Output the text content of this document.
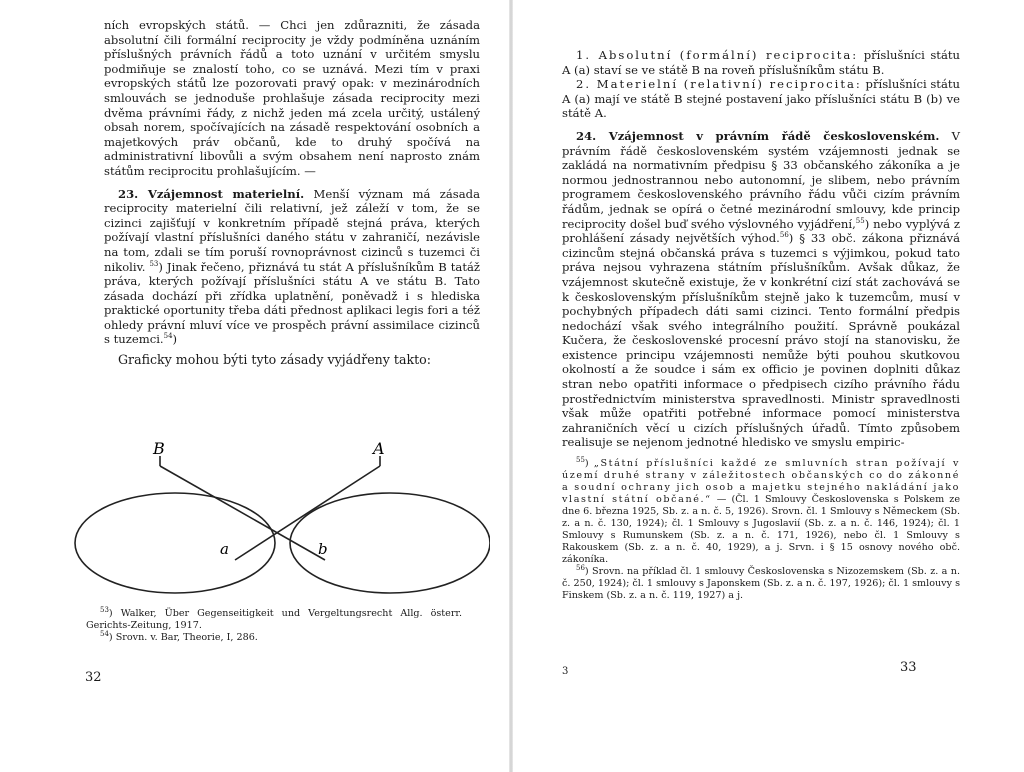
ních evropských států. — Chci jen zdůrazniti, že zásada absolutní čili formální reciprocity je vždy podmíněna uznáním příslušných právních řádů a toto uznání v určitém smyslu podmiňuje se znalostí toho, co se uznává. Mezi tím v praxi evropských států lze pozorovati pravý opak: v mezinárodních smlouvách se jednoduše prohlašuje zásada reciprocity mezi dvěma právními řády, z nichž jeden má zcela určitý, ustálený obsah norem, spočívajících na zásadě respektování osobních a majetkových práv občanů, kde to druhý spočívá na administrativní libovůli a svým obsahem není naprosto znám státům reciprocitu prohlašujícím. —

23. Vzájemnost materielní. Menší význam má zásada reciprocity materielní čili relativní, jež záleží v tom, že se cizinci zajišťují v konkretním případě stejná práva, kterých požívají vlastní příslušníci daného státu v zahraničí, nezávisle na tom, zdali se tím poruší rovnoprávnost cizinců s tuzemci či nikoliv. $^{53}$) Jinak řečeno, přiznává tu stát A příslušníkům B tatáž práva, kterých požívají příslušníci státu A ve státu B. Tato zásada dochází při zřídka uplatnění, poněvadž i s hlediska praktické oportunity třeba dáti přednost aplikaci legis fori a též ohledy právní mluví více ve prospěch právní assimilace cizinců s tuzemci.$^{54}$)

Graficky mohou býti tyto zásady vyjádřeny takto:

B	A
a	b

$^{53}$) Walker, Über Gegenseitigkeit und Vergeltungsrecht Allg. österr. Gerichts-Zeitung, 1917.

$^{54}$) Srovn. v. Bar, Theorie, I, 286.

32

1. Absolutní (formální) reciprocita: příslušníci státu A (a) staví se ve státě B na roveň příslušníkům státu B.

2. Materielní (relativní) reciprocita: příslušníci státu A (a) mají ve státě B stejné postavení jako příslušníci státu B (b) ve státě A.

24. Vzájemnost v právním řádě československém. V právním řádě československém systém vzájemnosti jednak se zakládá na normativním předpisu § 33 občanského zákoníka a je normou jednostrannou nebo autonomní, je slibem, nebo právním programem československého právního řádu vůči cizím právním řádům, jednak se opírá o četné mezinárodní smlouvy, kde princip reciprocity došel buď svého výslovného vyjádření,$^{55}$) nebo vyplývá z prohlášení zásady největších výhod.$^{56}$) § 33 obč. zákona přiznává cizincům stejná občanská práva s tuzemci s výjimkou, pokud tato práva nejsou vyhrazena státním příslušníkům. Avšak důkaz, že vzájemnost skutečně existuje, že v konkrétní cizí stát zachovává se k československým příslušníkům stejně jako k tuzemcům, musí v pochybných případech dáti sami cizinci. Tento formální předpis nedochází však svého integrálního použití. Správně poukázal Kučera, že československé procesní právo stojí na stanovisku, že existence principu vzájemnosti nemůže býti pouhou skutkovou okolností a že soudce i sám ex officio je povinen doplniti důkaz stran nebo opatřiti informace o předpisech cizího právního řádu prostřednictvím ministerstva spravedlnosti. Ministr spravedlnosti však může opatřiti potřebné informace pomocí ministerstva zahraničních věcí u cizích příslušných úřadů. Tímto způsobem realisuje se nejenom jednotné hledisko ve smyslu empiric-

$^{55}$) „Státní příslušníci každé ze smluvních stran požívají v území druhé strany v záležitostech občanských co do zákonné a soudní ochrany jich osob a majetku stejného nakládání jako vlastní státní občané.“ — (Čl. 1 Smlouvy Československa s Polskem ze dne 6. března 1925, Sb. z. a n. č. 5, 1926). Srovn. čl. 1 Smlouvy s Německem (Sb. z. a n. č. 130, 1924); čl. 1 Smlouvy s Jugoslavií (Sb. z. a n. č. 146, 1924); čl. 1 Smlouvy s Rumunskem (Sb. z. a n. č. 171, 1926), nebo čl. 1 Smlouvy s Rakouskem (Sb. z. a n. č. 40, 1929), a j. Srvn. i § 15 osnovy nového obč. zákoníka.

$^{56}$) Srovn. na příklad čl. 1 smlouvy Československa s Nizozemskem (Sb. z. a n. č. 250, 1924); čl. 1 smlouvy s Japonskem (Sb. z. a n. č. 197, 1926); čl. 1 smlouvy s Finskem (Sb. z. a n. č. 119, 1927) a j.

3	33
